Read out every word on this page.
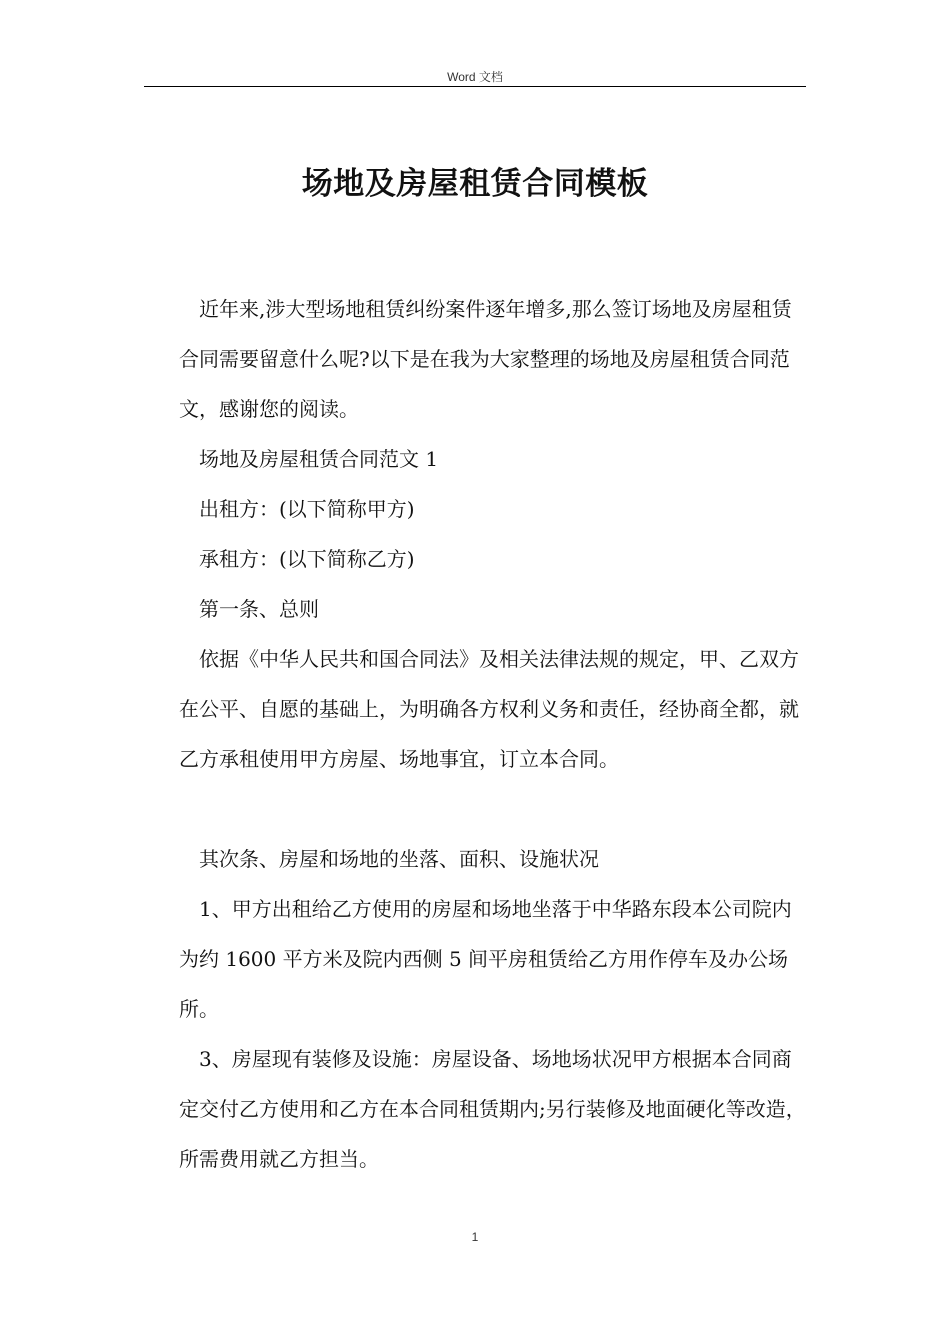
Word 文档
场地及房屋租赁合同模板

近年来,涉大型场地租赁纠纷案件逐年增多,那么签订场地及房屋租赁合同需要留意什么呢?以下是在我为大家整理的场地及房屋租赁合同范文，感谢您的阅读。

场地及房屋租赁合同范文 1

出租方：(以下简称甲方)

承租方：(以下简称乙方)

第一条、总则

依据《中华人民共和国合同法》及相关法律法规的规定，甲、乙双方在公平、自愿的基础上，为明确各方权利义务和责任，经协商全都，就乙方承租使用甲方房屋、场地事宜，订立本合同。

其次条、房屋和场地的坐落、面积、设施状况

1、甲方出租给乙方使用的房屋和场地坐落于中华路东段本公司院内为约 1600 平方米及院内西侧 5 间平房租赁给乙方用作停车及办公场所。

3、房屋现有装修及设施：房屋设备、场地场状况甲方根据本合同商定交付乙方使用和乙方在本合同租赁期内;另行装修及地面硬化等改造，所需费用就乙方担当。

1
